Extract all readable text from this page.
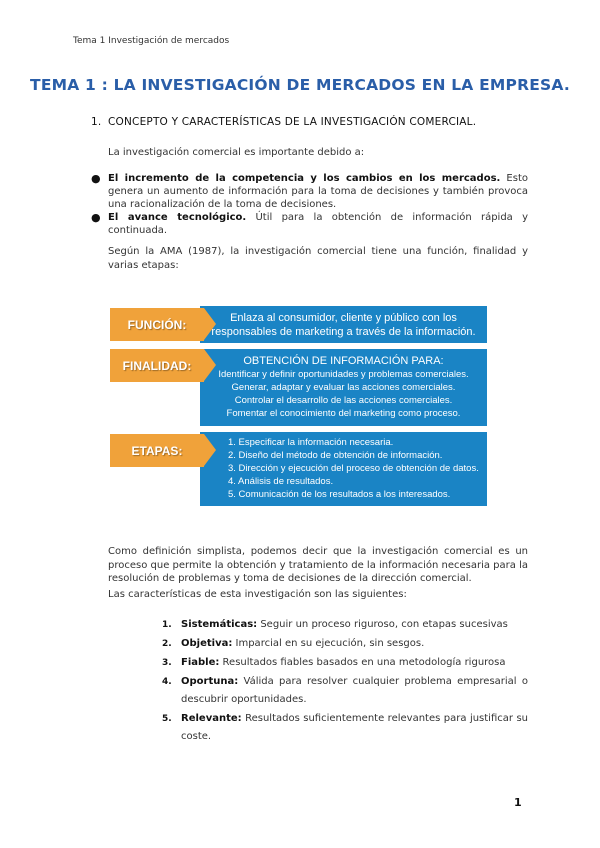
Tema 1 Investigación de mercados
TEMA 1 : LA INVESTIGACIÓN DE MERCADOS EN LA EMPRESA.
1. CONCEPTO Y CARACTERÍSTICAS DE LA INVESTIGACIÓN COMERCIAL.
La investigación comercial es importante debido a:
● El incremento de la competencia y los cambios en los mercados. Esto genera un aumento de información para la toma de decisiones y también provoca una racionalización de la toma de decisiones.
● El avance tecnológico. Útil para la obtención de información rápida y continuada.
Según la AMA (1987), la investigación comercial tiene una función, finalidad y varias etapas:
Enlaza al consumidor, cliente y público con los
responsables de marketing a través de la información.
FUNCIÓN:
OBTENCIÓN DE INFORMACIÓN PARA:
Identificar y definir oportunidades y problemas comerciales.
Generar, adaptar y evaluar las acciones comerciales.
Controlar el desarrollo de las acciones comerciales.
Fomentar el conocimiento del marketing como proceso.
FINALIDAD:
1. Especificar la información necesaria.
2. Diseño del método de obtención de información.
3. Dirección y ejecución del proceso de obtención de datos.
4. Análisis de resultados.
5. Comunicación de los resultados a los interesados.
ETAPAS:
Como definición simplista, podemos decir que la investigación comercial es un proceso que permite la obtención y tratamiento de la información necesaria para la resolución de problemas y toma de decisiones de la dirección comercial.
Las características de esta investigación son las siguientes:
1. Sistemáticas: Seguir un proceso riguroso, con etapas sucesivas
2. Objetiva: Imparcial en su ejecución, sin sesgos.
3. Fiable: Resultados fiables basados en una metodología rigurosa
4. Oportuna: Válida para resolver cualquier problema empresarial o descubrir oportunidades.
5. Relevante: Resultados suficientemente relevantes para justificar su coste.
1
